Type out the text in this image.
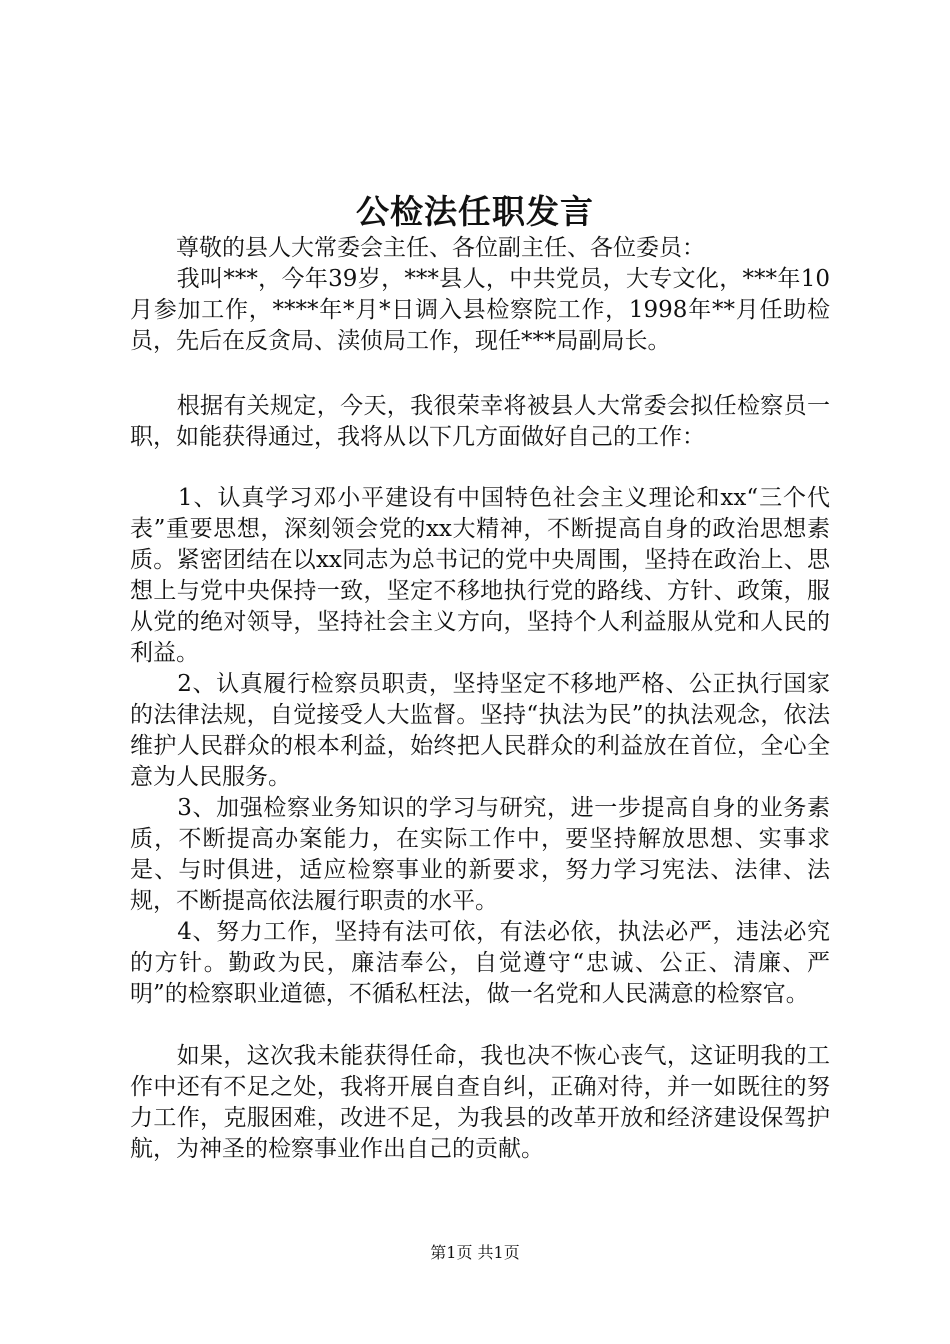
公检法任职发言
　　尊敬的县人大常委会主任、各位副主任、各位委员：
　　我叫***，今年39岁，***县人，中共党员，大专文化，***年10月参加工作，****年*月*日调入县检察院工作，1998年**月任助检员，先后在反贪局、渎侦局工作，现任***局副局长。
　　根据有关规定，今天，我很荣幸将被县人大常委会拟任检察员一职，如能获得通过，我将从以下几方面做好自己的工作：
　　1、认真学习邓小平建设有中国特色社会主义理论和xx“三个代表”重要思想，深刻领会党的xx大精神，不断提高自身的政治思想素质。紧密团结在以xx同志为总书记的党中央周围，坚持在政治上、思想上与党中央保持一致，坚定不移地执行党的路线、方针、政策，服从党的绝对领导，坚持社会主义方向，坚持个人利益服从党和人民的利益。
　　2、认真履行检察员职责，坚持坚定不移地严格、公正执行国家的法律法规，自觉接受人大监督。坚持“执法为民”的执法观念，依法维护人民群众的根本利益，始终把人民群众的利益放在首位，全心全意为人民服务。
　　3、加强检察业务知识的学习与研究，进一步提高自身的业务素质，不断提高办案能力，在实际工作中，要坚持解放思想、实事求是、与时俱进，适应检察事业的新要求，努力学习宪法、法律、法规，不断提高依法履行职责的水平。
　　4、努力工作，坚持有法可依，有法必依，执法必严，违法必究的方针。勤政为民，廉洁奉公，自觉遵守“忠诚、公正、清廉、严明”的检察职业道德，不循私枉法，做一名党和人民满意的检察官。
　　如果，这次我未能获得任命，我也决不恢心丧气，这证明我的工作中还有不足之处，我将开展自查自纠，正确对待，并一如既往的努力工作，克服困难，改进不足，为我县的改革开放和经济建设保驾护航，为神圣的检察事业作出自己的贡献。
第1页 共1页
